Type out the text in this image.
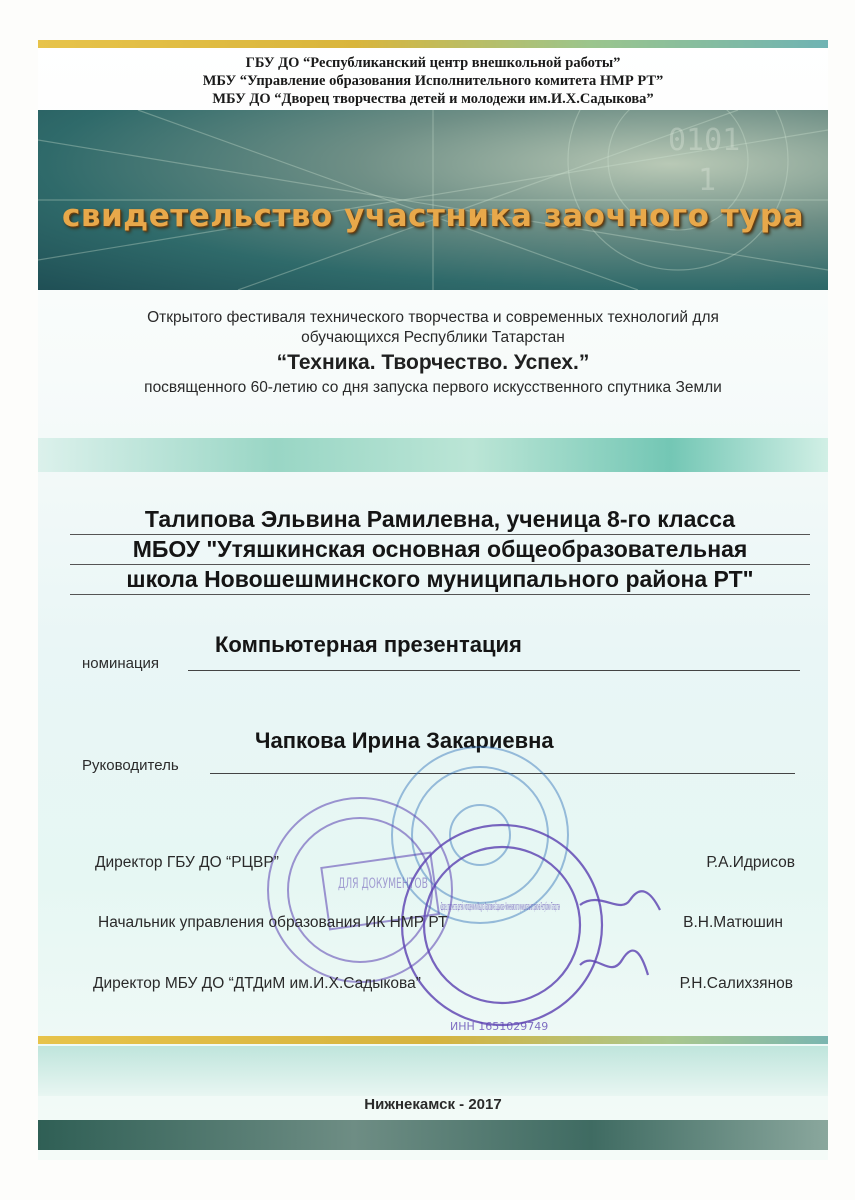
ГБУ ДО “Республиканский центр внешкольной работы”
МБУ “Управление образования Исполнительного комитета НМР РТ”
МБУ ДО “Дворец творчества детей и молодежи им.И.Х.Садыкова”
0101
1
свидетельство участника заочного тура
Открытого фестиваля технического творчества и современных технологий для
обучающихся Республики Татарстан
“Техника. Творчество. Успех.”
посвященного 60-летию со дня запуска первого искусственного спутника Земли
Талипова Эльвина Рамилевна, ученица 8-го класса
МБОУ "Утяшкинская основная общеобразовательная
школа Новошешминского муниципального района РТ"
Компьютерная презентация
номинация
Чапкова Ирина Закариевна
Руководитель
«Дворец творчества детей и молодежи им.Ильдуса Харисовича Садыкова» Нижнекамского муниципального района Республики Татарстан
ИНН 1651029749
ДЛЯ ДОКУМЕНТОВ
Директор ГБУ ДО “РЦВР”	Р.А.Идрисов
Начальник управления образования ИК НМР РТ	В.Н.Матюшин
Директор МБУ ДО “ДТДиМ им.И.Х.Садыкова”	Р.Н.Салихзянов
Нижнекамск - 2017
